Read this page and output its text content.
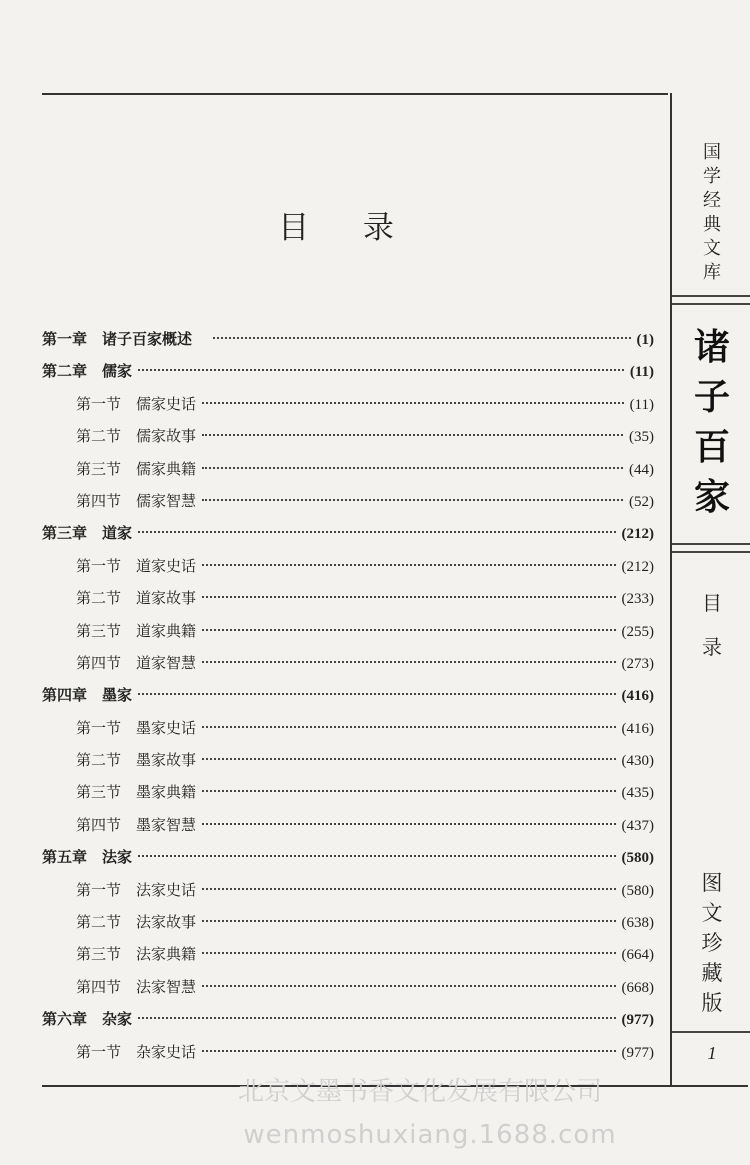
目 录
第一章　诸子百家概述　	(1)
第二章　儒家	(11)
第一节　儒家史话	(11)
第二节　儒家故事	(35)
第三节　儒家典籍	(44)
第四节　儒家智慧	(52)
第三章　道家	(212)
第一节　道家史话	(212)
第二节　道家故事	(233)
第三节　道家典籍	(255)
第四节　道家智慧	(273)
第四章　墨家	(416)
第一节　墨家史话	(416)
第二节　墨家故事	(430)
第三节　墨家典籍	(435)
第四节　墨家智慧	(437)
第五章　法家	(580)
第一节　法家史话	(580)
第二节　法家故事	(638)
第三节　法家典籍	(664)
第四节　法家智慧	(668)
第六章　杂家	(977)
第一节　杂家史话	(977)
国
学
经
典
文
库
诸
子
百
家
目
录
图
文
珍
藏
版
1
北京文墨书香文化发展有限公司
wenmoshuxiang.1688.com
